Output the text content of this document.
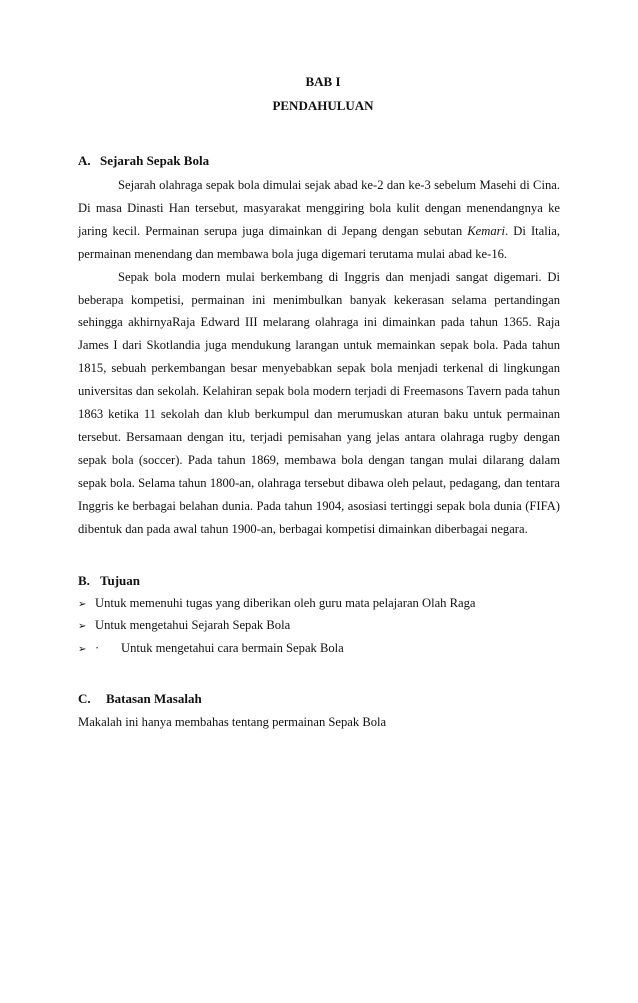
BAB I
PENDAHULUAN
A. Sejarah Sepak Bola

Sejarah olahraga sepak bola dimulai sejak abad ke-2 dan ke-3 sebelum Masehi di Cina. Di masa Dinasti Han tersebut, masyarakat menggiring bola kulit dengan menendangnya ke jaring kecil. Permainan serupa juga dimainkan di Jepang dengan sebutan Kemari. Di Italia, permainan menendang dan membawa bola juga digemari terutama mulai abad ke-16.

Sepak bola modern mulai berkembang di Inggris dan menjadi sangat digemari. Di beberapa kompetisi, permainan ini menimbulkan banyak kekerasan selama pertandingan sehingga akhirnyaRaja Edward III melarang olahraga ini dimainkan pada tahun 1365. Raja James I dari Skotlandia juga mendukung larangan untuk memainkan sepak bola. Pada tahun 1815, sebuah perkembangan besar menyebabkan sepak bola menjadi terkenal di lingkungan universitas dan sekolah. Kelahiran sepak bola modern terjadi di Freemasons Tavern pada tahun 1863 ketika 11 sekolah dan klub berkumpul dan merumuskan aturan baku untuk permainan tersebut. Bersamaan dengan itu, terjadi pemisahan yang jelas antara olahraga rugby dengan sepak bola (soccer). Pada tahun 1869, membawa bola dengan tangan mulai dilarang dalam sepak bola. Selama tahun 1800-an, olahraga tersebut dibawa oleh pelaut, pedagang, dan tentara Inggris ke berbagai belahan dunia. Pada tahun 1904, asosiasi tertinggi sepak bola dunia (FIFA) dibentuk dan pada awal tahun 1900-an, berbagai kompetisi dimainkan diberbagai negara.

B. Tujuan
➢ Untuk memenuhi tugas yang diberikan oleh guru mata pelajaran Olah Raga
➢ Untuk mengetahui Sejarah Sepak Bola
➢ ·	Untuk mengetahui cara bermain Sepak Bola
C.	Batasan Masalah

Makalah ini hanya membahas tentang permainan Sepak Bola
